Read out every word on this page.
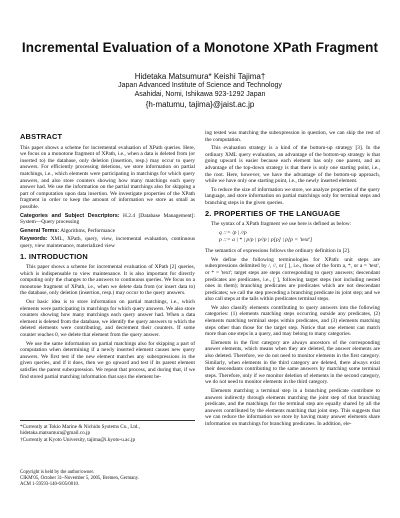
Incremental Evaluation of a Monotone XPath Fragment
Hidetaka Matsumura* Keishi Tajima†
Japan Advanced Institute of Science and Technology
Asahidai, Nomi, Ishikawa 923-1292 Japan
{h-matumu, tajima}@jaist.ac.jp
ABSTRACT

This paper shows a scheme for incremental evaluation of XPath queries. Here, we focus on a monotone fragment of XPath, i.e., when a data is deleted from (or inserted to) the database, only deletion (insertion, resp.) may occur to query answers. For efficiently processing deletions, we store information on partial matchings, i.e., which elements were participating in matchings for which query answers, and also store counters showing how many matchings each query answer had. We use the information on the partial matchings also for skipping a part of computation upon data insertion. We investigate properties of the XPath fragment in order to keep the amount of information we store as small as possible.

Categories and Subject Descriptors: H.2.4 [Database Management]: System—Query processing

General Terms: Algorithms, Performance

Keywords: XML, XPath, query, view, incremental evaluation, continuous query, view maintenance, materialized view

1. INTRODUCTION

This paper shows a scheme for incremental evaluation of XPath [2] queries, which is indispensable to view maintenance. It is also important for directly computing only the changes to the answers to continuous queries. We focus on a monotone fragment of XPath, i.e., when we delete data from (or insert data to) the database, only deletion (insertion, resp.) may occur to the query answers.

Our basic idea is to store information on partial matchings, i.e., which elements were participating in matchings for which query answers. We also store counters showing how many matchings each query answer had. When a data element is deleted from the database, we identify the query answers to which the deleted elements were contributing, and decrement their counters. If some counter reaches 0, we delete that element from the query answer.

We use the same information on partial matchings also for skipping a part of computation when determining if a newly inserted element causes new query answers. We first test if the new element matches any subexpressions in the given queries, and if it does, then we go upward and test if its parent element satisfies the parent subexpression. We repeat that process, and during that, if we find stored partial matching information that says the element be-

*Currently at Tokio Marine & Nichido Systems Co., Ltd., hidetaka.matsumura@gmail.co.jp
†Currently at Kyoto University, tajima@i.kyoto-u.ac.jp
Copyright is held by the author/owner.
CIKM'05, October 31–November 5, 2005, Bremen, Germany.
ACM 1-59593-140-6/05/0010.

ing tested was matching the subexpression in question, we can skip the rest of the computation.

This evaluation strategy is a kind of the bottom-up strategy [3]. In the ordinary XML query evaluation, an advantage of the bottom-up strategy is that going upward is easier because each element has only one parent, and an advantage of the top-down strategy is that there is only one starting point, i.e., the root. Here, however, we have the advantage of the bottom-up approach, while we have only one starting point, i.e., the newly inserted element.

To reduce the size of information we store, we analyze properties of the query language, and store information on partial matchings only for terminal steps and branching steps in the given queries.

2. PROPERTIES OF THE LANGUAGE

The syntax of a XPath fragment we use here is defined as below:

q ::= /p | //p
p ::= a | * | p/p | p//p | p[p] | p[p = 'text']

The semantics of expressions follows the ordinary definition in [2].

We define the following terminologies for XPath: unit steps are subexpressions delimited by /, //, or [ ], i.e., those of the form a, *, or a = 'text', or * = 'text'; target steps are steps corresponding to query answers; descendant predicates are predicates, i.e., [ ], following target steps (not including nested ones in them); branching predicates are predicates which are not descendant predicates; we call the step preceding a branching predicate its joint step; and we also call steps at the tails within predicates terminal steps.

We also classify elements contributing to query answers into the following categories: (1) elements matching steps occurring outside any predicates, (2) elements matching terminal steps within predicates, and (3) elements matching steps other than those for the target step. Notice that one element can match more than one steps in a query, and may belong to many categories.

Elements in the first category are always ancestors of the corresponding answer elements, which means when they are deleted, the answer elements are also deleted. Therefore, we do not need to monitor elements in the first category. Similarly, when elements in the third category are deleted, there always exist their descendants contributing to the same answers by matching some terminal steps. Therefore, only if we monitor deletion of elements in the second category, we do not need to monitor elements in the third category.

Elements matching a terminal step in a branching predicate contribute to answers indirectly through elements matching the joint step of that branching predicate, and the matchings for the terminal step are equally shared by all the answers contributed by the elements matching that joint step. This suggests that we can reduce the information we store by having many answer elements share information on matchings for branching predicates. In addition, ele-
